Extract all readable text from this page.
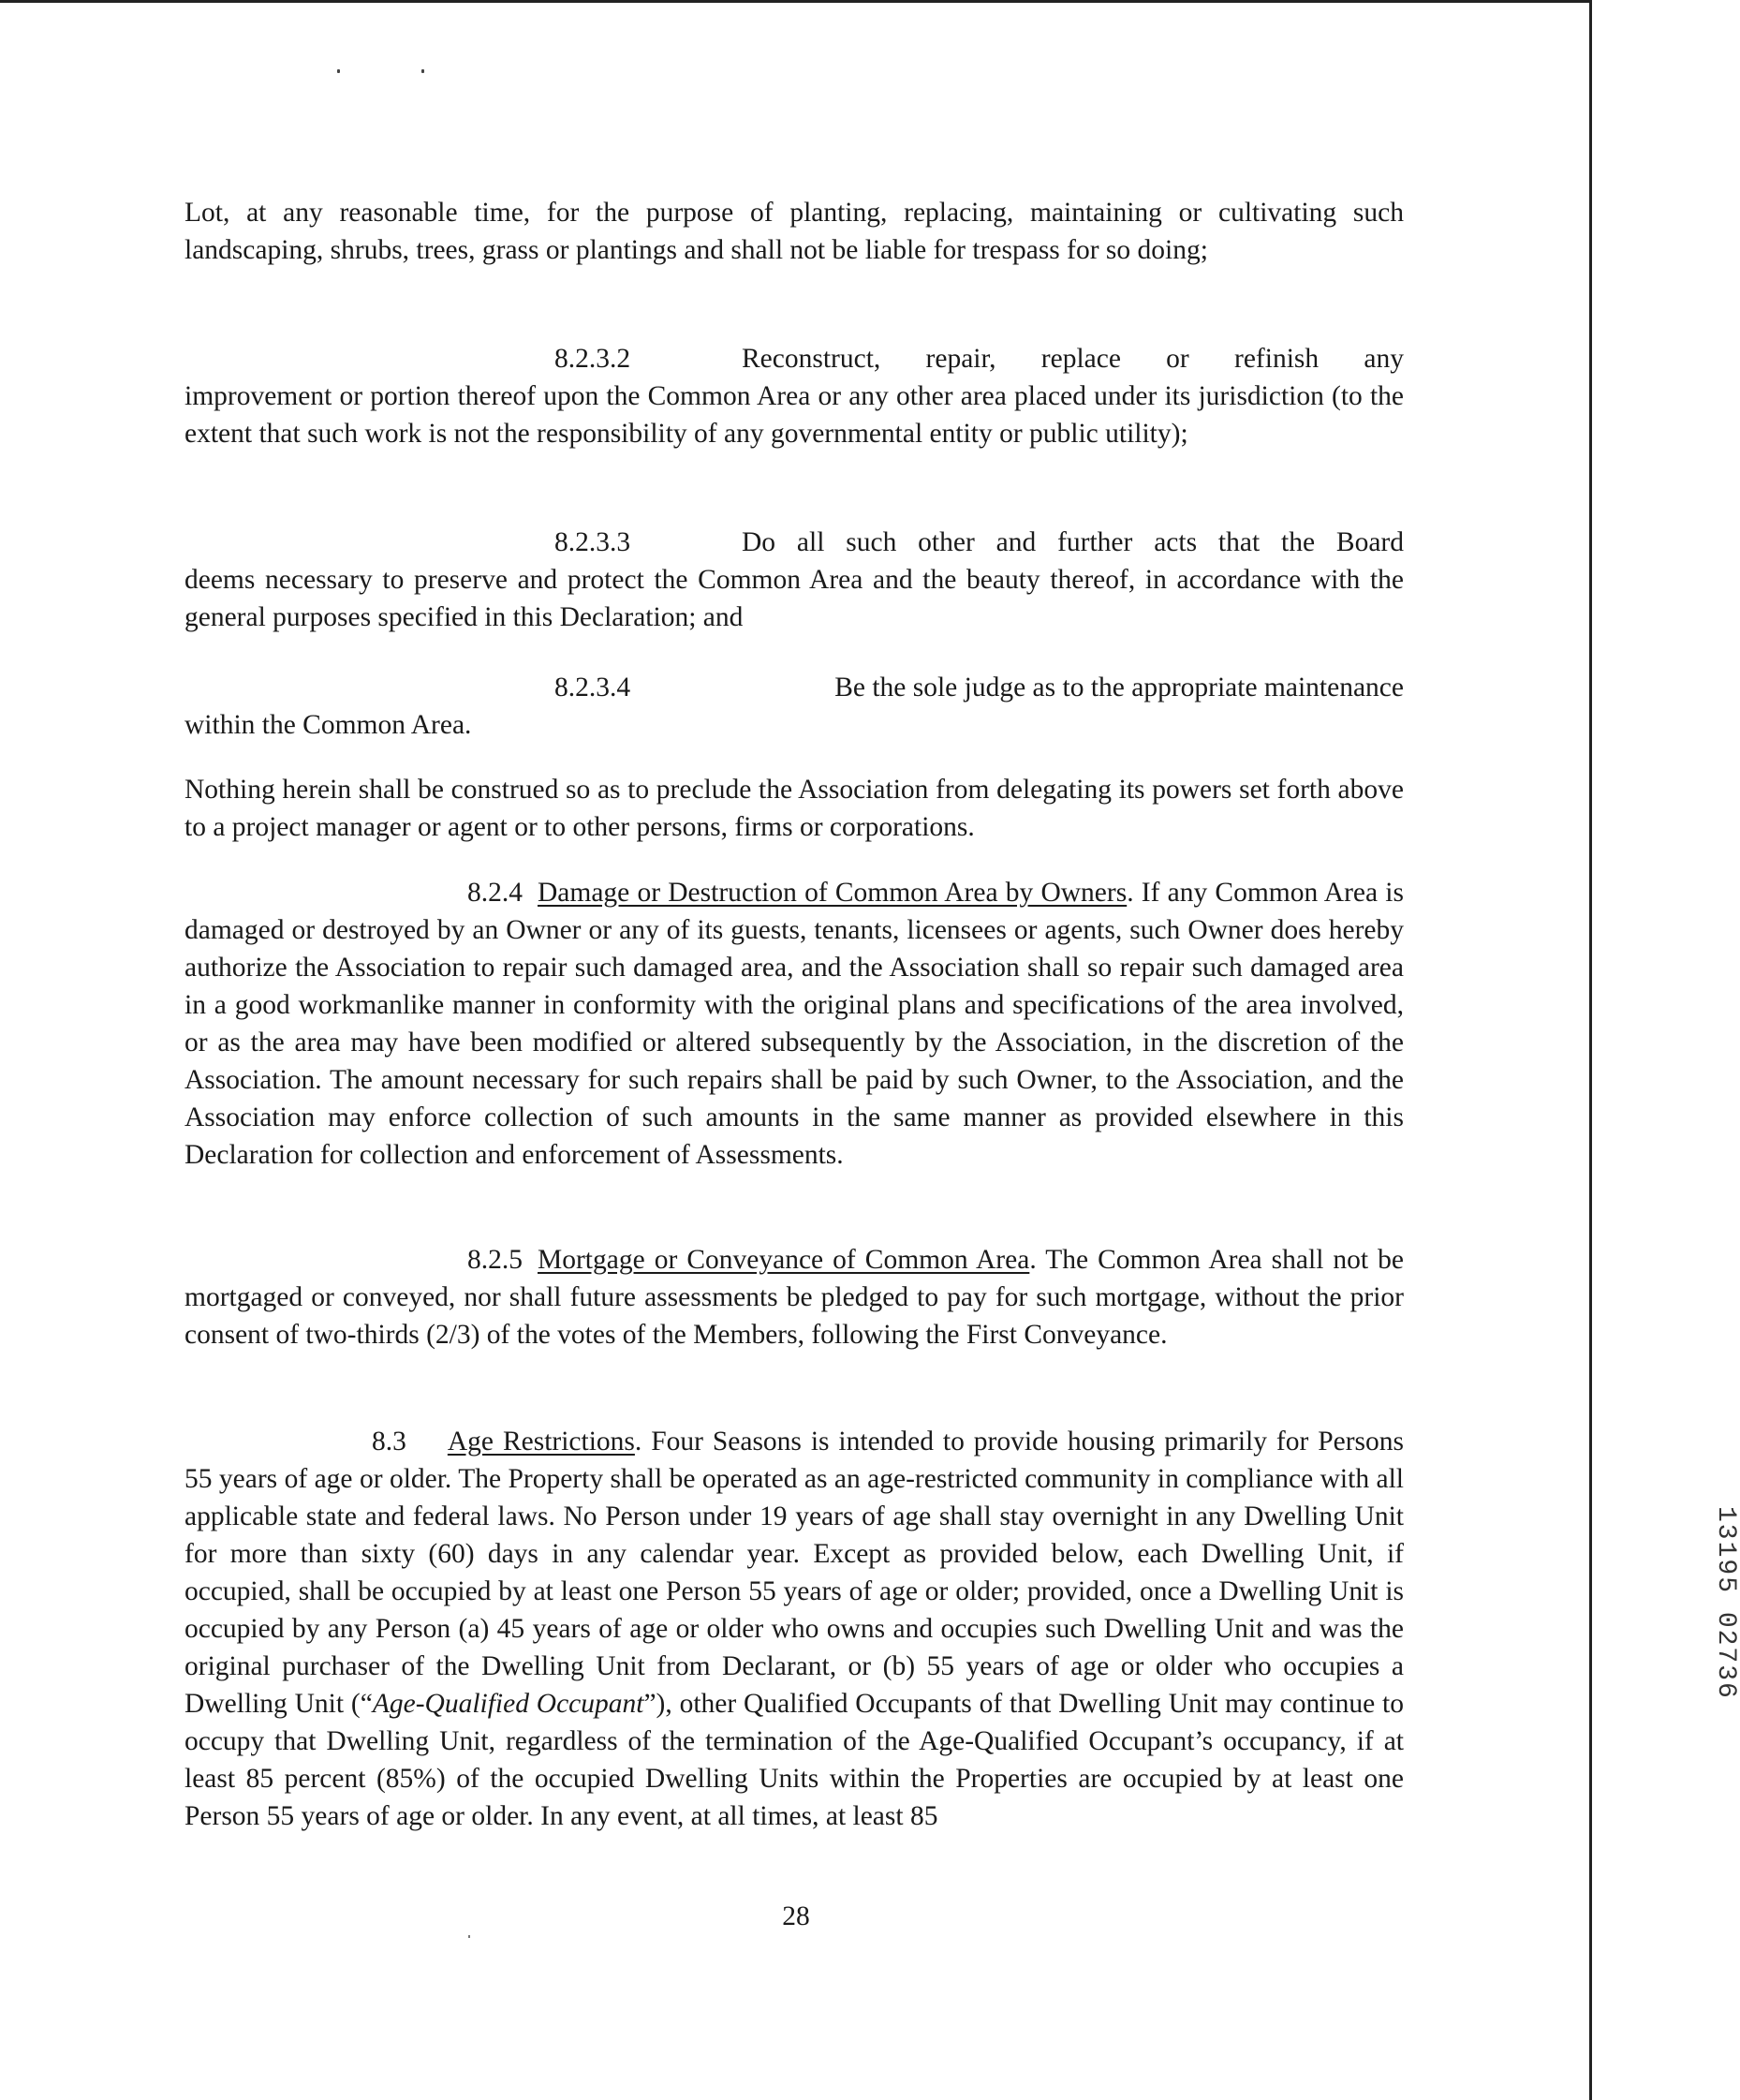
Lot, at any reasonable time, for the purpose of planting, replacing, maintaining or cultivating such landscaping, shrubs, trees, grass or plantings and shall not be liable for trespass for so doing;

8.2.3.2	Reconstruct, repair, replace or refinish any

improvement or portion thereof upon the Common Area or any other area placed under its jurisdiction (to the extent that such work is not the responsibility of any governmental entity or public utility);

8.2.3.3	Do all such other and further acts that the Board

deems necessary to preserve and protect the Common Area and the beauty thereof, in accordance with the general purposes specified in this Declaration; and

8.2.3.4	Be the sole judge as to the appropriate maintenance

within the Common Area.

Nothing herein shall be construed so as to preclude the Association from delegating its powers set forth above to a project manager or agent or to other persons, firms or corporations.

8.2.4 Damage or Destruction of Common Area by Owners. If any Common Area is damaged or destroyed by an Owner or any of its guests, tenants, licensees or agents, such Owner does hereby authorize the Association to repair such damaged area, and the Association shall so repair such damaged area in a good workmanlike manner in conformity with the original plans and specifications of the area involved, or as the area may have been modified or altered subsequently by the Association, in the discretion of the Association. The amount necessary for such repairs shall be paid by such Owner, to the Association, and the Association may enforce collection of such amounts in the same manner as provided elsewhere in this Declaration for collection and enforcement of Assessments.

8.2.5 Mortgage or Conveyance of Common Area. The Common Area shall not be mortgaged or conveyed, nor shall future assessments be pledged to pay for such mortgage, without the prior consent of two-thirds (2/3) of the votes of the Members, following the First Conveyance.

8.3 Age Restrictions. Four Seasons is intended to provide housing primarily for Persons 55 years of age or older. The Property shall be operated as an age-restricted community in compliance with all applicable state and federal laws. No Person under 19 years of age shall stay overnight in any Dwelling Unit for more than sixty (60) days in any calendar year. Except as provided below, each Dwelling Unit, if occupied, shall be occupied by at least one Person 55 years of age or older; provided, once a Dwelling Unit is occupied by any Person (a) 45 years of age or older who owns and occupies such Dwelling Unit and was the original purchaser of the Dwelling Unit from Declarant, or (b) 55 years of age or older who occupies a Dwelling Unit (“Age-Qualified Occupant”), other Qualified Occupants of that Dwelling Unit may continue to occupy that Dwelling Unit, regardless of the termination of the Age-Qualified Occupant’s occupancy, if at least 85 percent (85%) of the occupied Dwelling Units within the Properties are occupied by at least one Person 55 years of age or older. In any event, at all times, at least 85

28
13195 02736
